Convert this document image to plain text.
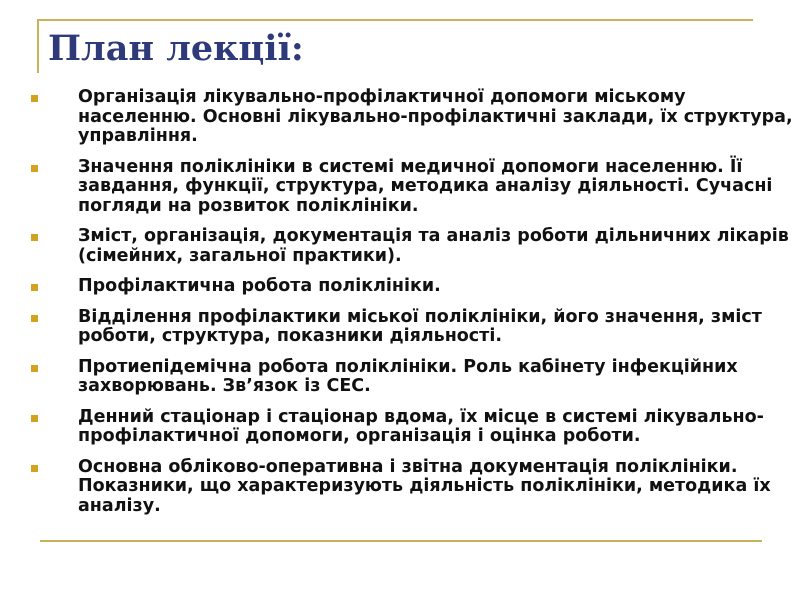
План лекції:
Організація лікувально-профілактичної допомоги міському населенню. Основні лікувально-профілактичні заклади, їх структура, управління.
Значення поліклініки в системі медичної допомоги населенню. Її завдання, функції, структура, методика аналізу діяльності. Сучасні погляди на розвиток поліклініки.
Зміст, організація, документація та аналіз роботи дільничних лікарів (сімейних, загальної практики).
Профілактична робота поліклініки.
Відділення профілактики міської поліклініки, його значення, зміст роботи, структура, показники діяльності.
Протиепідемічна робота поліклініки. Роль кабінету інфекційних захворювань. Зв’язок із СЕС.
Денний стаціонар і стаціонар вдома, їх місце в системі лікувально-профілактичної допомоги, організація і оцінка роботи.
Основна обліково-оперативна і звітна документація поліклініки. Показники, що характеризують діяльність поліклініки, методика їх аналізу.
